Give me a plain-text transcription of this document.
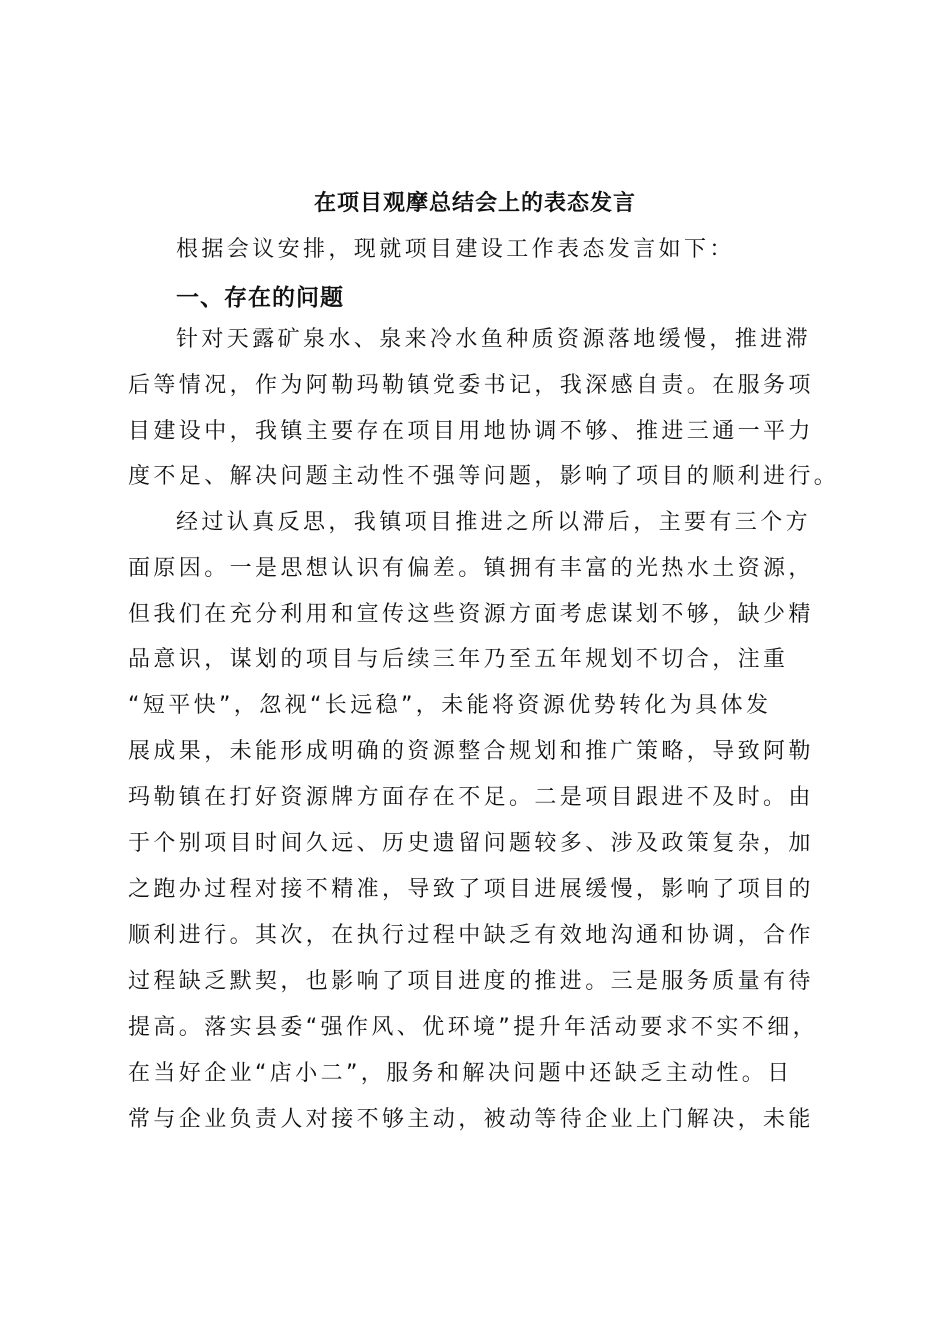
在项目观摩总结会上的表态发言
根据会议安排，现就项目建设工作表态发言如下：
一、存在的问题
针对天露矿泉水、泉来冷水鱼种质资源落地缓慢，推进滞
后等情况，作为阿勒玛勒镇党委书记，我深感自责。在服务项
目建设中，我镇主要存在项目用地协调不够、推进三通一平力
度不足、解决问题主动性不强等问题，影响了项目的顺利进行。
经过认真反思，我镇项目推进之所以滞后，主要有三个方
面原因。一是思想认识有偏差。镇拥有丰富的光热水土资源，
但我们在充分利用和宣传这些资源方面考虑谋划不够，缺少精
品意识，谋划的项目与后续三年乃至五年规划不切合，注重
“短平快”，忽视“长远稳”，未能将资源优势转化为具体发
展成果，未能形成明确的资源整合规划和推广策略，导致阿勒
玛勒镇在打好资源牌方面存在不足。二是项目跟进不及时。由
于个别项目时间久远、历史遗留问题较多、涉及政策复杂，加
之跑办过程对接不精准，导致了项目进展缓慢，影响了项目的
顺利进行。其次，在执行过程中缺乏有效地沟通和协调，合作
过程缺乏默契，也影响了项目进度的推进。三是服务质量有待
提高。落实县委“强作风、优环境”提升年活动要求不实不细，
在当好企业“店小二”，服务和解决问题中还缺乏主动性。日
常与企业负责人对接不够主动，被动等待企业上门解决，未能
